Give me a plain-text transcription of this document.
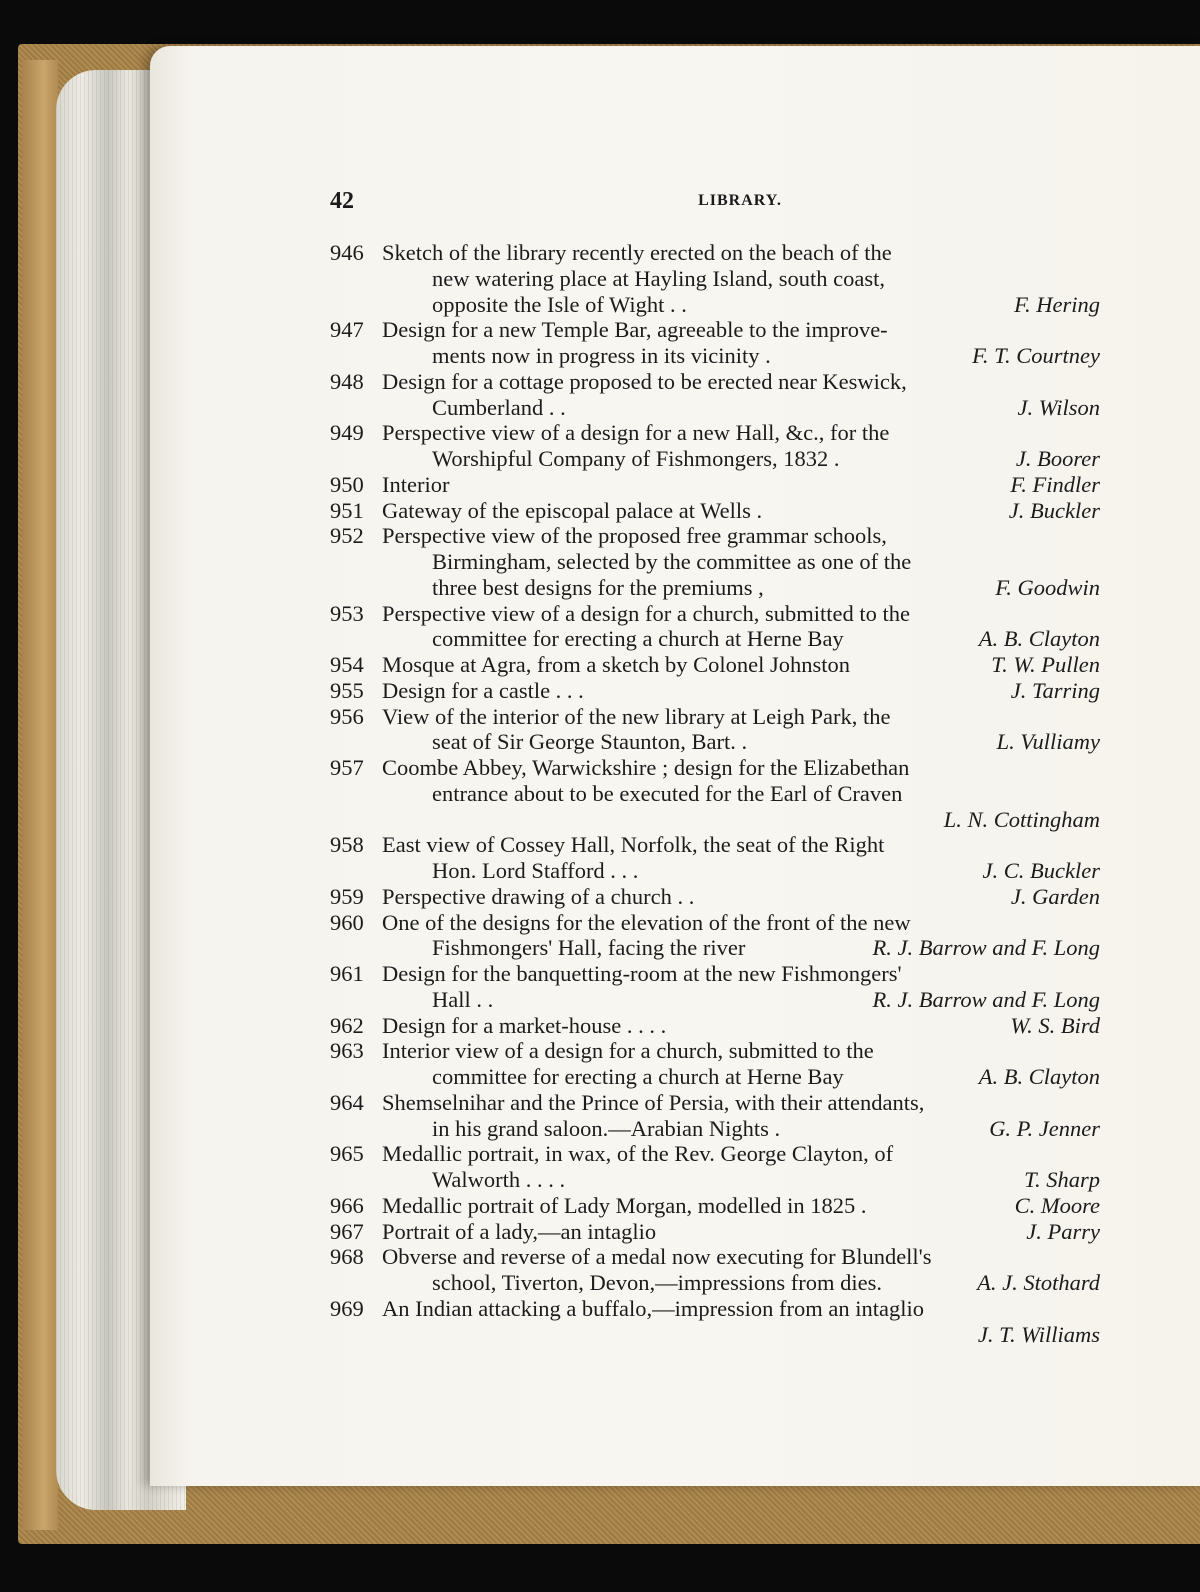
42	LIBRARY.
946 Sketch of the library recently erected on the beach of the
new watering place at Hayling Island, south coast,
opposite the Isle of Wight . .	F. Hering
947 Design for a new Temple Bar, agreeable to the improve-
ments now in progress in its vicinity .	F. T. Courtney
948 Design for a cottage proposed to be erected near Keswick,
Cumberland . .	J. Wilson
949 Perspective view of a design for a new Hall, &c., for the
Worshipful Company of Fishmongers, 1832 .	J. Boorer
950 Interior	F. Findler
951 Gateway of the episcopal palace at Wells .	J. Buckler
952 Perspective view of the proposed free grammar schools,
Birmingham, selected by the committee as one of the
three best designs for the premiums ,	F. Goodwin
953 Perspective view of a design for a church, submitted to the
committee for erecting a church at Herne Bay	A. B. Clayton
954 Mosque at Agra, from a sketch by Colonel Johnston	T. W. Pullen
955 Design for a castle . . .	J. Tarring
956 View of the interior of the new library at Leigh Park, the
seat of Sir George Staunton, Bart. .	L. Vulliamy
957 Coombe Abbey, Warwickshire ; design for the Elizabethan
entrance about to be executed for the Earl of Craven
L. N. Cottingham
958 East view of Cossey Hall, Norfolk, the seat of the Right
Hon. Lord Stafford . . .	J. C. Buckler
959 Perspective drawing of a church . .	J. Garden
960 One of the designs for the elevation of the front of the new
Fishmongers' Hall, facing the river	R. J. Barrow and F. Long
961 Design for the banquetting-room at the new Fishmongers'
Hall . .	R. J. Barrow and F. Long
962 Design for a market-house . . . .	W. S. Bird
963 Interior view of a design for a church, submitted to the
committee for erecting a church at Herne Bay	A. B. Clayton
964 Shemselnihar and the Prince of Persia, with their attendants,
in his grand saloon.—Arabian Nights .	G. P. Jenner
965 Medallic portrait, in wax, of the Rev. George Clayton, of
Walworth . . . .	T. Sharp
966 Medallic portrait of Lady Morgan, modelled in 1825 .	C. Moore
967 Portrait of a lady,—an intaglio	J. Parry
968 Obverse and reverse of a medal now executing for Blundell's
school, Tiverton, Devon,—impressions from dies.	A. J. Stothard
969 An Indian attacking a buffalo,—impression from an intaglio
J. T. Williams
